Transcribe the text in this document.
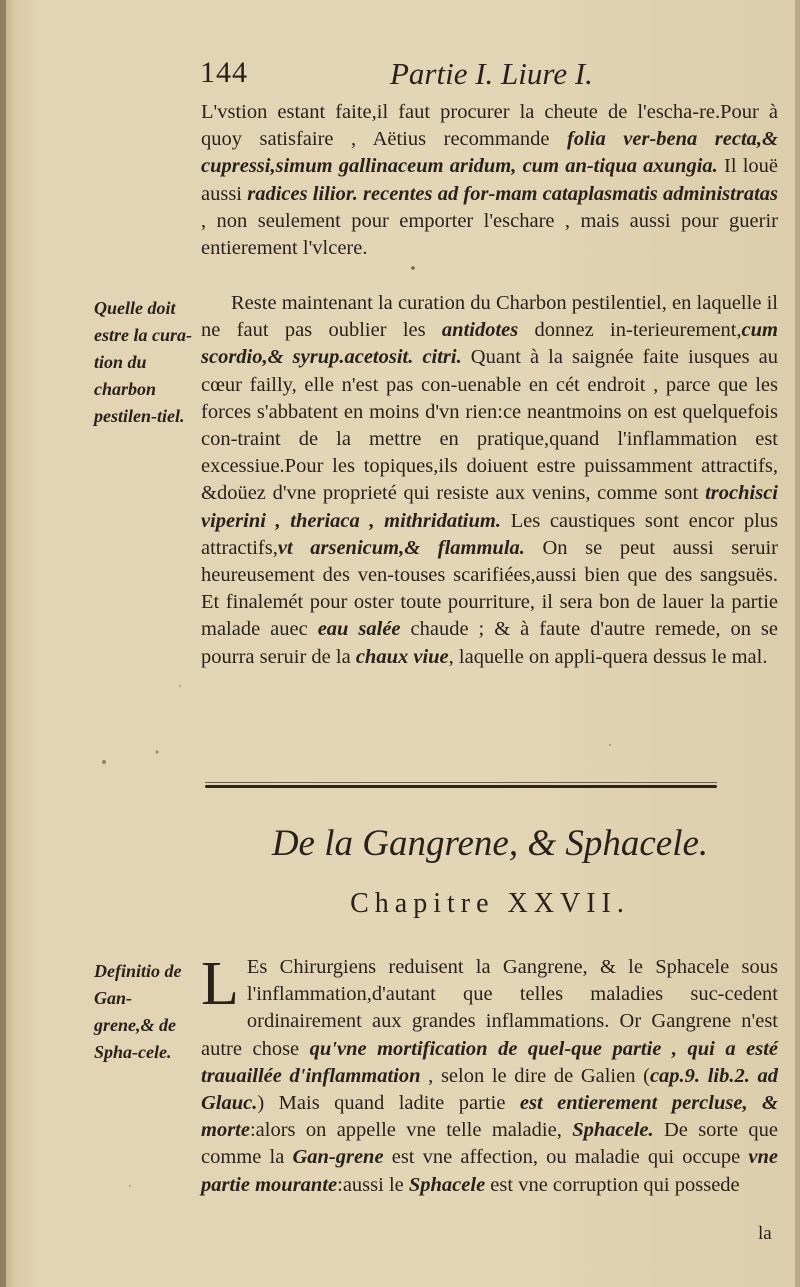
144	Partie I. Liure I.

L'vstion estant faite,il faut procurer la cheute de l'escha-re.Pour à quoy satisfaire , Aëtius recommande folia ver-bena recta,& cupressi,simum gallinaceum aridum, cum an-tiqua axungia. Il louë aussi radices lilior. recentes ad for-mam cataplasmatis administratas , non seulement pour emporter l'eschare , mais aussi pour guerir entierement l'vlcere.

Quelle doit estre la cura-tion du charbon pestilen-tiel.

Reste maintenant la curation du Charbon pestilentiel, en laquelle il ne faut pas oublier les antidotes donnez in-terieurement,cum scordio,& syrup.acetosit. citri. Quant à la saignée faite iusques au cœur failly, elle n'est pas con-uenable en cét endroit , parce que les forces s'abbatent en moins d'vn rien:ce neantmoins on est quelquefois con-traint de la mettre en pratique,quand l'inflammation est excessiue.Pour les topiques,ils doiuent estre puissamment attractifs, &doüez d'vne proprieté qui resiste aux venins, comme sont trochisci viperini , theriaca , mithridatium. Les caustiques sont encor plus attractifs,vt arsenicum,& flammula. On se peut aussi seruir heureusement des ven-touses scarifiées,aussi bien que des sangsuës. Et finalemét pour oster toute pourriture, il sera bon de lauer la partie malade auec eau salée chaude ; & à faute d'autre remede, on se pourra seruir de la chaux viue, laquelle on appli-quera dessus le mal.

De la Gangrene, & Sphacele.
Chapitre XXVII.
Definitio de Gan-grene,& de Spha-cele.

L Es Chirurgiens reduisent la Gangrene, & le Sphacele sous l'inflammation,d'autant que telles maladies suc-cedent ordinairement aux grandes inflammations. Or Gangrene n'est autre chose qu'vne mortification de quel-que partie , qui a esté trauaillée d'inflammation , selon le dire de Galien (cap.9. lib.2. ad Glauc.) Mais quand ladite partie est entierement percluse, & morte:alors on appelle vne telle maladie, Sphacele. De sorte que comme la Gan-grene est vne affection, ou maladie qui occupe vne partie mourante:aussi le Sphacele est vne corruption qui possede

la
